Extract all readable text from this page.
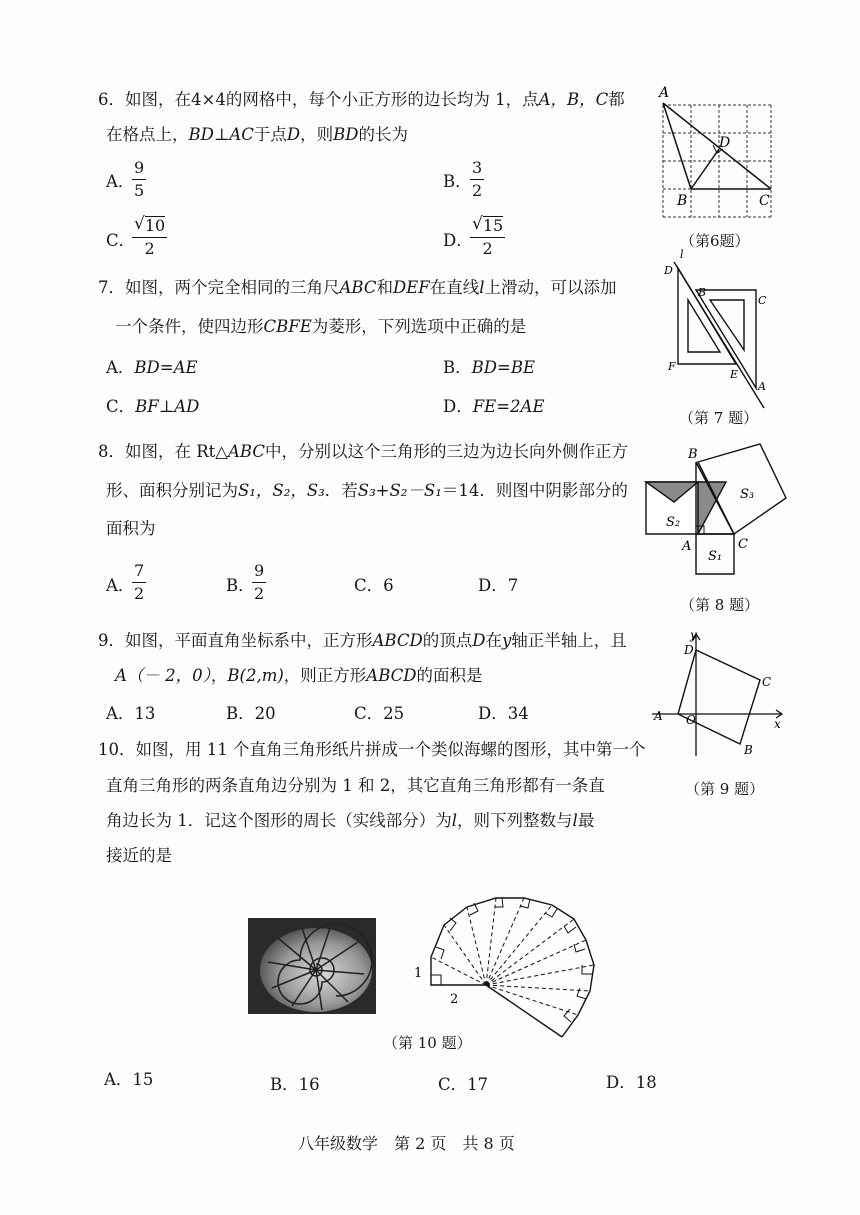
6．如图，在4×4的网格中，每个小正方形的边长均为 1，点A，B，C都
在格点上，BD⊥AC于点D，则BD的长为
A．
$\frac{9}{5}$	B．
$\frac{3}{2}$
C．
$\frac{√ 10}{2}$	D．
$\frac{√ 15}{2}$
A
D
B	C
（第6题）
7．如图，两个完全相同的三角尺ABC和DEF在直线l上滑动，可以添加
一个条件，使四边形CBFE为菱形，下列选项中正确的是
A．BD=AE	B．BD=BE
C．BF⊥AD	D．FE=2AE
D
l
B
C
F
E
A
（第 7 题）
8．如图，在 Rt△ABC中，分别以这个三角形的三边为边长向外侧作正方
形、面积分别记为S₁，S₂，S₃．若S₃+S₂－S₁＝14．则图中阴影部分的
面积为
A．
$\frac{7}{2}$	B．
$\frac{9}{2}$	C．6	D．7
B
S₃
S₂
A	C
S₁
（第 8 题）
9．如图，平面直角坐标系中，正方形ABCD的顶点D在y轴正半轴上，且
A（－ 2，0），B(2,m)，则正方形ABCD的面积是
A．13	B．20	C．25	D．34
y
x
D
C
A O
B
（第 9 题）
10．如图，用 11 个直角三角形纸片拼成一个类似海螺的图形，其中第一个
直角三角形的两条直角边分别为 1 和 2，其它直角三角形都有一条直
角边长为 1．记这个图形的周长（实线部分）为l，则下列整数与l最
接近的是
1
2
（第 10 题）
A．15	B．16	C．17	D．18
八年级数学　第 2 页　共 8 页
